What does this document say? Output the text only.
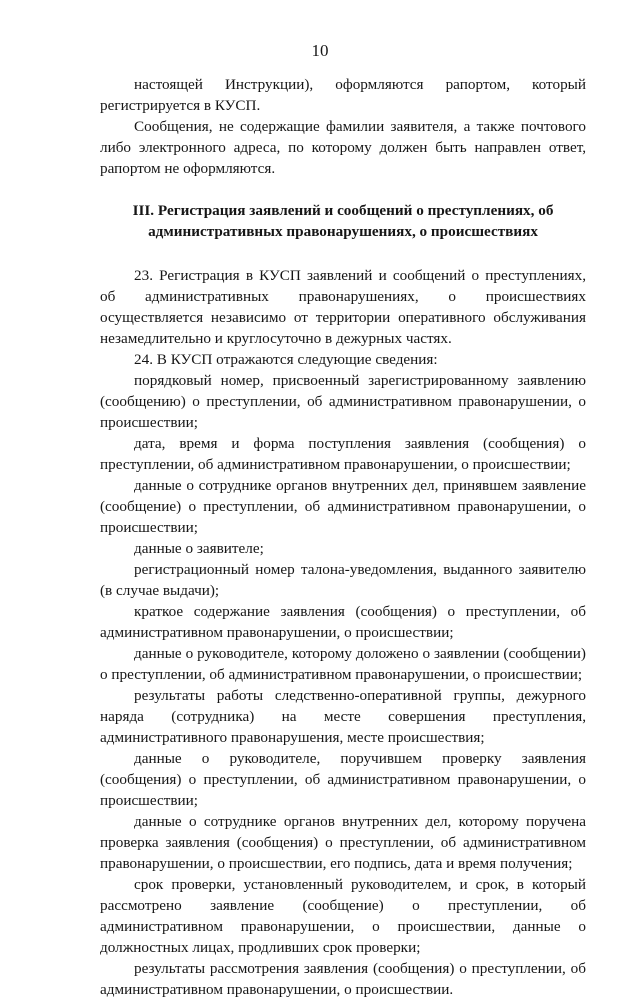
10

настоящей Инструкции), оформляются рапортом, который регистрируется в КУСП.

Сообщения, не содержащие фамилии заявителя, а также почтового либо электронного адреса, по которому должен быть направлен ответ, рапортом не оформляются.

III. Регистрация заявлений и сообщений о преступлениях, об административных правонарушениях, о происшествиях

23. Регистрация в КУСП заявлений и сообщений о преступлениях, об административных правонарушениях, о происшествиях осуществляется независимо от территории оперативного обслуживания незамедлительно и круглосуточно в дежурных частях.

24. В КУСП отражаются следующие сведения:

порядковый номер, присвоенный зарегистрированному заявлению (сообщению) о преступлении, об административном правонарушении, о происшествии;

дата, время и форма поступления заявления (сообщения) о преступлении, об административном правонарушении, о происшествии;

данные о сотруднике органов внутренних дел, принявшем заявление (сообщение) о преступлении, об административном правонарушении, о происшествии;

данные о заявителе;

регистрационный номер талона-уведомления, выданного заявителю (в случае выдачи);

краткое содержание заявления (сообщения) о преступлении, об административном правонарушении, о происшествии;

данные о руководителе, которому доложено о заявлении (сообщении) о преступлении, об административном правонарушении, о происшествии;

результаты работы следственно-оперативной группы, дежурного наряда (сотрудника) на месте совершения преступления, административного правонарушения, месте происшествия;

данные о руководителе, поручившем проверку заявления (сообщения) о преступлении, об административном правонарушении, о происшествии;

данные о сотруднике органов внутренних дел, которому поручена проверка заявления (сообщения) о преступлении, об административном правонарушении, о происшествии, его подпись, дата и время получения;

срок проверки, установленный руководителем, и срок, в который рассмотрено заявление (сообщение) о преступлении, об административном правонарушении, о происшествии, данные о должностных лицах, продливших срок проверки;

результаты рассмотрения заявления (сообщения) о преступлении, об административном правонарушении, о происшествии.
